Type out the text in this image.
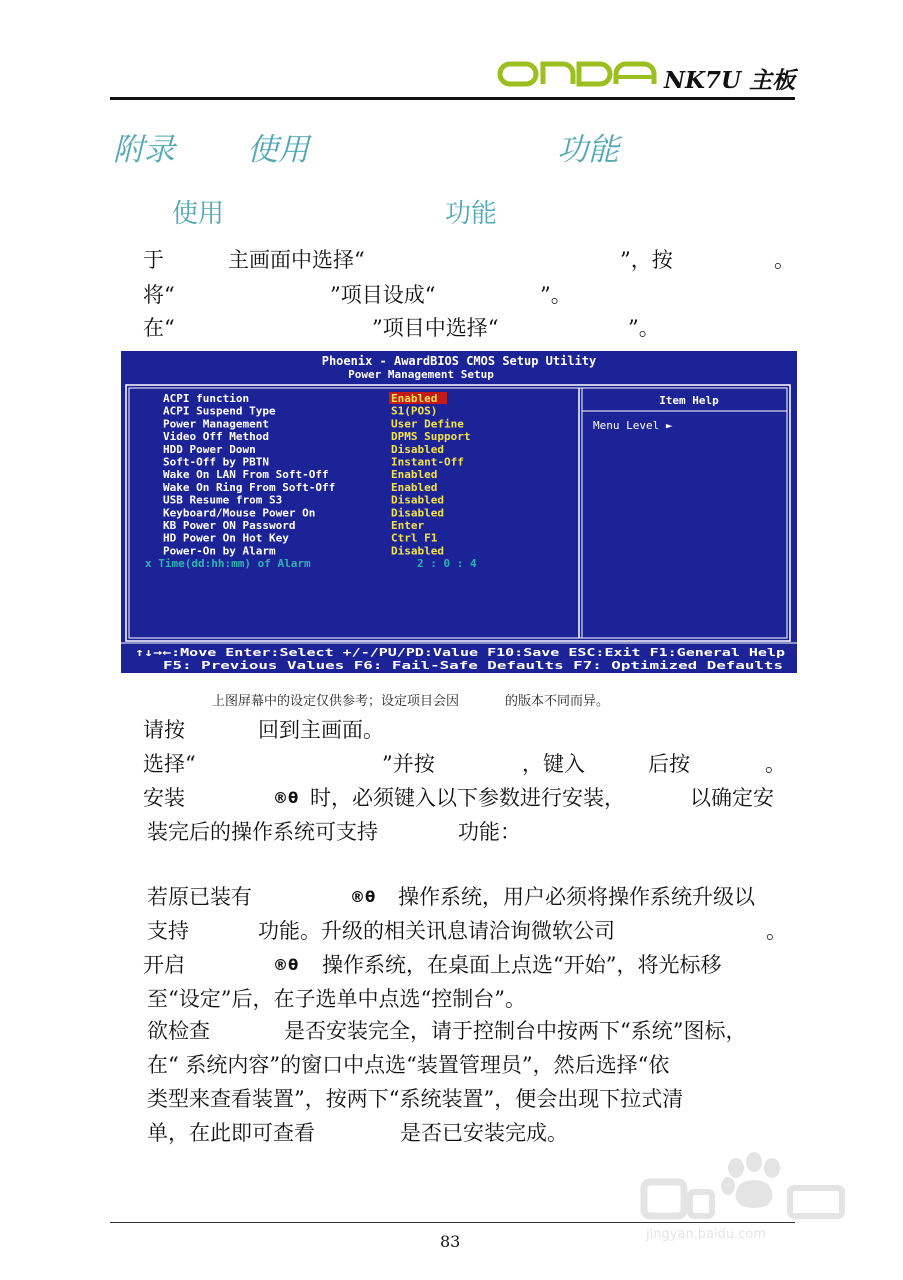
NK7U 主板
附录 使用	功能
使用	功能
于	主画面中选择“	”，按	。
将“	”项目设成“	”。
在“	”项目中选择“	”。
Phoenix - AwardBIOS CMOS Setup Utility
Power Management Setup
Item Help
Menu Level ►
ACPI function	Enabled
ACPI Suspend Type	S1(POS)
Power Management	User Define
Video Off Method	DPMS Support
HDD Power Down	Disabled
Soft-Off by PBTN	Instant-Off
Wake On LAN From Soft-Off	Enabled
Wake On Ring From Soft-Off	Enabled
USB Resume from S3	Disabled
Keyboard/Mouse Power On	Disabled
KB Power ON Password	Enter
HD Power On Hot Key	Ctrl F1
Power-On by Alarm	Disabled
x Time(dd:hh:mm) of Alarm	2 : 0 : 4
↑↓→←:Move Enter:Select +/-/PU/PD:Value F10:Save ESC:Exit F1:General Help
F5: Previous Values F6: Fail-Safe Defaults F7: Optimized Defaults
上图屏幕中的设定仅供参考；设定项目会因	的版本不同而异。
请按	回到主画面。
选择“	”并按	，键入	后按	。
安装	®θ 时，必须键入以下参数进行安装，	以确定安
装完后的操作系统可支持	功能：
若原已装有	®θ 操作系统，用户必须将操作系统升级以
支持	功能。升级的相关讯息请洽询微软公司	。
开启	®θ 操作系统，在桌面上点选“开始”，将光标移
至“设定”后，在子选单中点选“控制台”。
欲检查	是否安装完全，请于控制台中按两下“系统”图标，
在“ 系统内容”的窗口中点选“装置管理员”，然后选择“依
类型来查看装置”，按两下“系统装置”，便会出现下拉式清
单，在此即可查看	是否已安装完成。
jingyan.baidu.com
83
